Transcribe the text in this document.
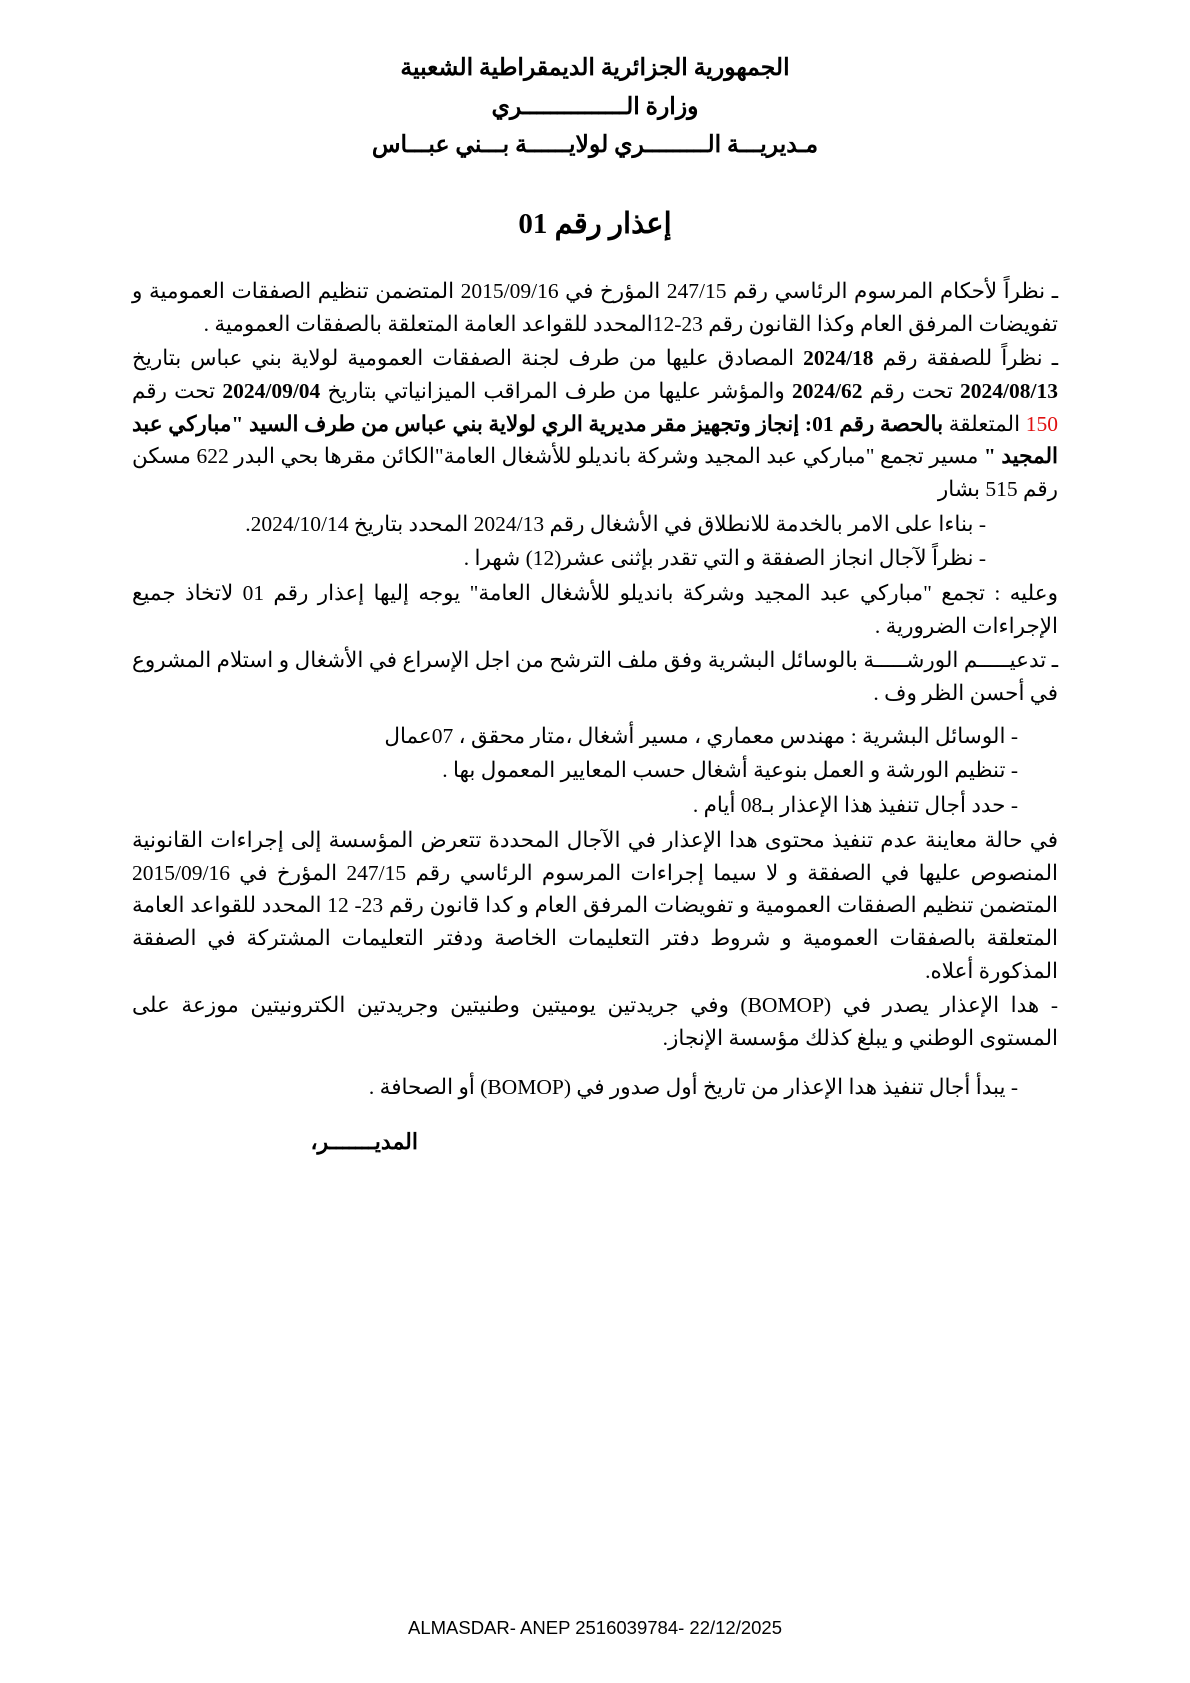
الجمهورية الجزائرية الديمقراطية الشعبية
وزارة الـــــــــــــــري
مـديريـــة الـــــــــري لولايــــــة بـــني عبـــاس
إعذار رقم 01

ـ نظراً لأحكام المرسوم الرئاسي رقم 247/15 المؤرخ في 2015/09/16 المتضمن تنظيم الصفقات العمومية و تفويضات المرفق العام وكذا القانون رقم 23-12المحدد للقواعد العامة المتعلقة بالصفقات العمومية .

ـ نظراً للصفقة رقم 2024/18 المصادق عليها من طرف لجنة الصفقات العمومية لولاية بني عباس بتاريخ 2024/08/13 تحت رقم 2024/62 والمؤشر عليها من طرف المراقب الميزانياتي بتاريخ 2024/09/04 تحت رقم 150 المتعلقة بالحصة رقم 01: إنجاز وتجهيز مقر مديرية الري لولاية بني عباس من طرف السيد "مباركي عبد المجيد " مسير تجمع "مباركي عبد المجيد وشركة بانديلو للأشغال العامة"الكائن مقرها بحي البدر 622 مسكن رقم 515 بشار

- بناءا على الامر بالخدمة للانطلاق في الأشغال رقم 2024/13 المحدد بتاريخ 2024/10/14.

- نظراً لآجال انجاز الصفقة و التي تقدر بإثنى عشر(12) شهرا .

وعليه : تجمع "مباركي عبد المجيد وشركة بانديلو للأشغال العامة" يوجه إليها إعذار رقم 01 لاتخاذ جميع الإجراءات الضرورية .

ـ تدعيـــــم الورشـــــة بالوسائل البشرية وفق ملف الترشح من اجل الإسراع في الأشغال و استلام المشروع في أحسن الظر وف .

- الوسائل البشرية : مهندس معماري ، مسير أشغال ،متار محقق ، 07عمال

- تنظيم الورشة و العمل بنوعية أشغال حسب المعايير المعمول بها .

- حدد أجال تنفيذ هذا الإعذار بـ08 أيام .

في حالة معاينة عدم تنفيذ محتوى هدا الإعذار في الآجال المحددة تتعرض المؤسسة إلى إجراءات القانونية المنصوص عليها في الصفقة و لا سيما إجراءات المرسوم الرئاسي رقم 247/15 المؤرخ في 2015/09/16 المتضمن تنظيم الصفقات العمومية و تفويضات المرفق العام و كدا قانون رقم 23- 12 المحدد للقواعد العامة المتعلقة بالصفقات العمومية و شروط دفتر التعليمات الخاصة ودفتر التعليمات المشتركة في الصفقة المذكورة أعلاه.

- هدا الإعذار يصدر في (BOMOP) وفي جريدتين يوميتين وطنيتين وجريدتين الكترونيتين موزعة على المستوى الوطني و يبلغ كذلك مؤسسة الإنجاز.

- يبدأ أجال تنفيذ هدا الإعذار من تاريخ أول صدور في (BOMOP) أو الصحافة .

المديـــــــر،
ALMASDAR- ANEP 2516039784- 22/12/2025
